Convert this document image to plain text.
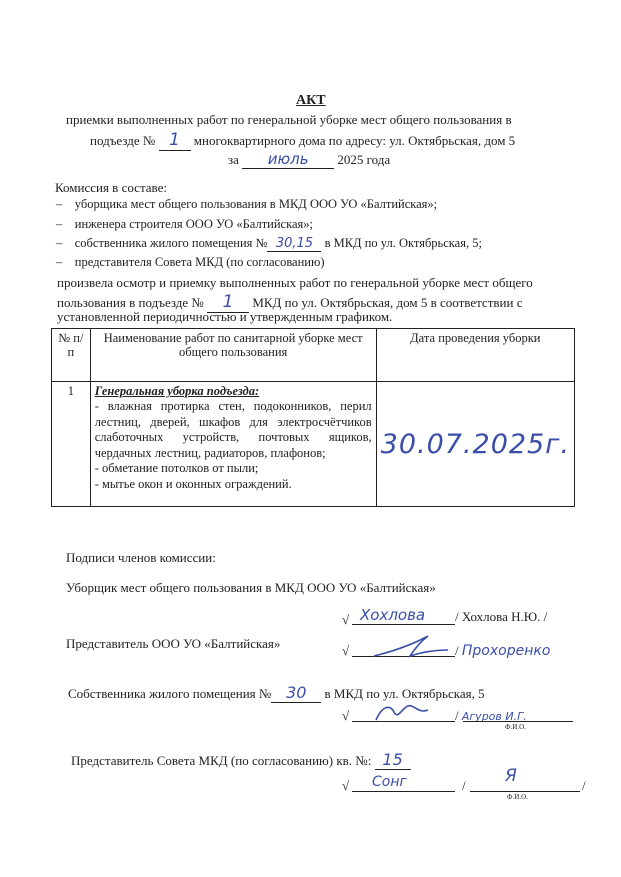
АКТ
приемки выполненных работ по генеральной уборке мест общего пользования в
подъезде № 1 многоквартирного дома по адресу: ул. Октябрьская, дом 5
за июль 2025 года
Комиссия в составе:
–    уборщика мест общего пользования в МКД ООО УО «Балтийская»;
–    инженера строителя ООО УО «Балтийская»;
–    собственника жилого помещения № 30,15 в МКД по ул. Октябрьская, 5;
–    представителя Совета МКД (по согласованию)
произвела осмотр и приемку выполненных работ по генеральной уборке мест общего
пользования в подъезде № 1 МКД по ул. Октябрьская, дом 5 в соответствии с
установленной периодичностью и утвержденным графиком.
№ п/п	Наименование работ по санитарной уборке мест общего пользования	Дата проведения уборки
1	Генеральная уборка подъезда:
- влажная протирка стен, подоконников, перил лестниц, дверей, шкафов для электросчётчиков слаботочных устройств, почтовых ящиков, чердачных лестниц, радиаторов, плафонов;
- обметание потолков от пыли;
- мытье окон и оконных ограждений.	30.07.2025г.
Подписи членов комиссии:
Уборщик мест общего пользования в МКД ООО УО «Балтийская»
√ Хохлова / Хохлова Н.Ю. /
Представитель ООО УО «Балтийская»	√	/ Прохоренко
Собственника жилого помещения № 30 в МКД по ул. Октябрьская, 5
√	/ Агуров И.Г.
Ф.И.О.
Представитель Совета МКД (по согласованию) кв. №: 15
√ Сонг	/ Я	/
Ф.И.О.
